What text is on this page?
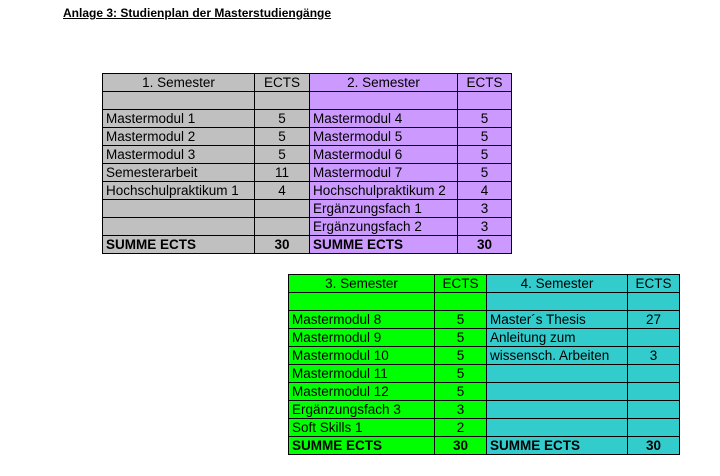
Anlage 3: Studienplan der Masterstudiengänge
1. Semester	ECTS	2. Semester	ECTS

Mastermodul 1	5	Mastermodul 4	5
Mastermodul 2	5	Mastermodul 5	5
Mastermodul 3	5	Mastermodul 6	5
Semesterarbeit	11	Mastermodul 7	5
Hochschulpraktikum 1	4	Hochschulpraktikum 2	4
		Ergänzungsfach 1	3
		Ergänzungsfach 2	3
SUMME ECTS	30	SUMME ECTS	30
3. Semester	ECTS	4. Semester	ECTS

Mastermodul 8	5	Master´s Thesis	27
Mastermodul 9	5	Anleitung zum	
Mastermodul 10	5	wissensch. Arbeiten	3
Mastermodul 11	5		
Mastermodul 12	5		
Ergänzungsfach 3	3		
Soft Skills 1	2		
SUMME ECTS	30	SUMME ECTS	30
